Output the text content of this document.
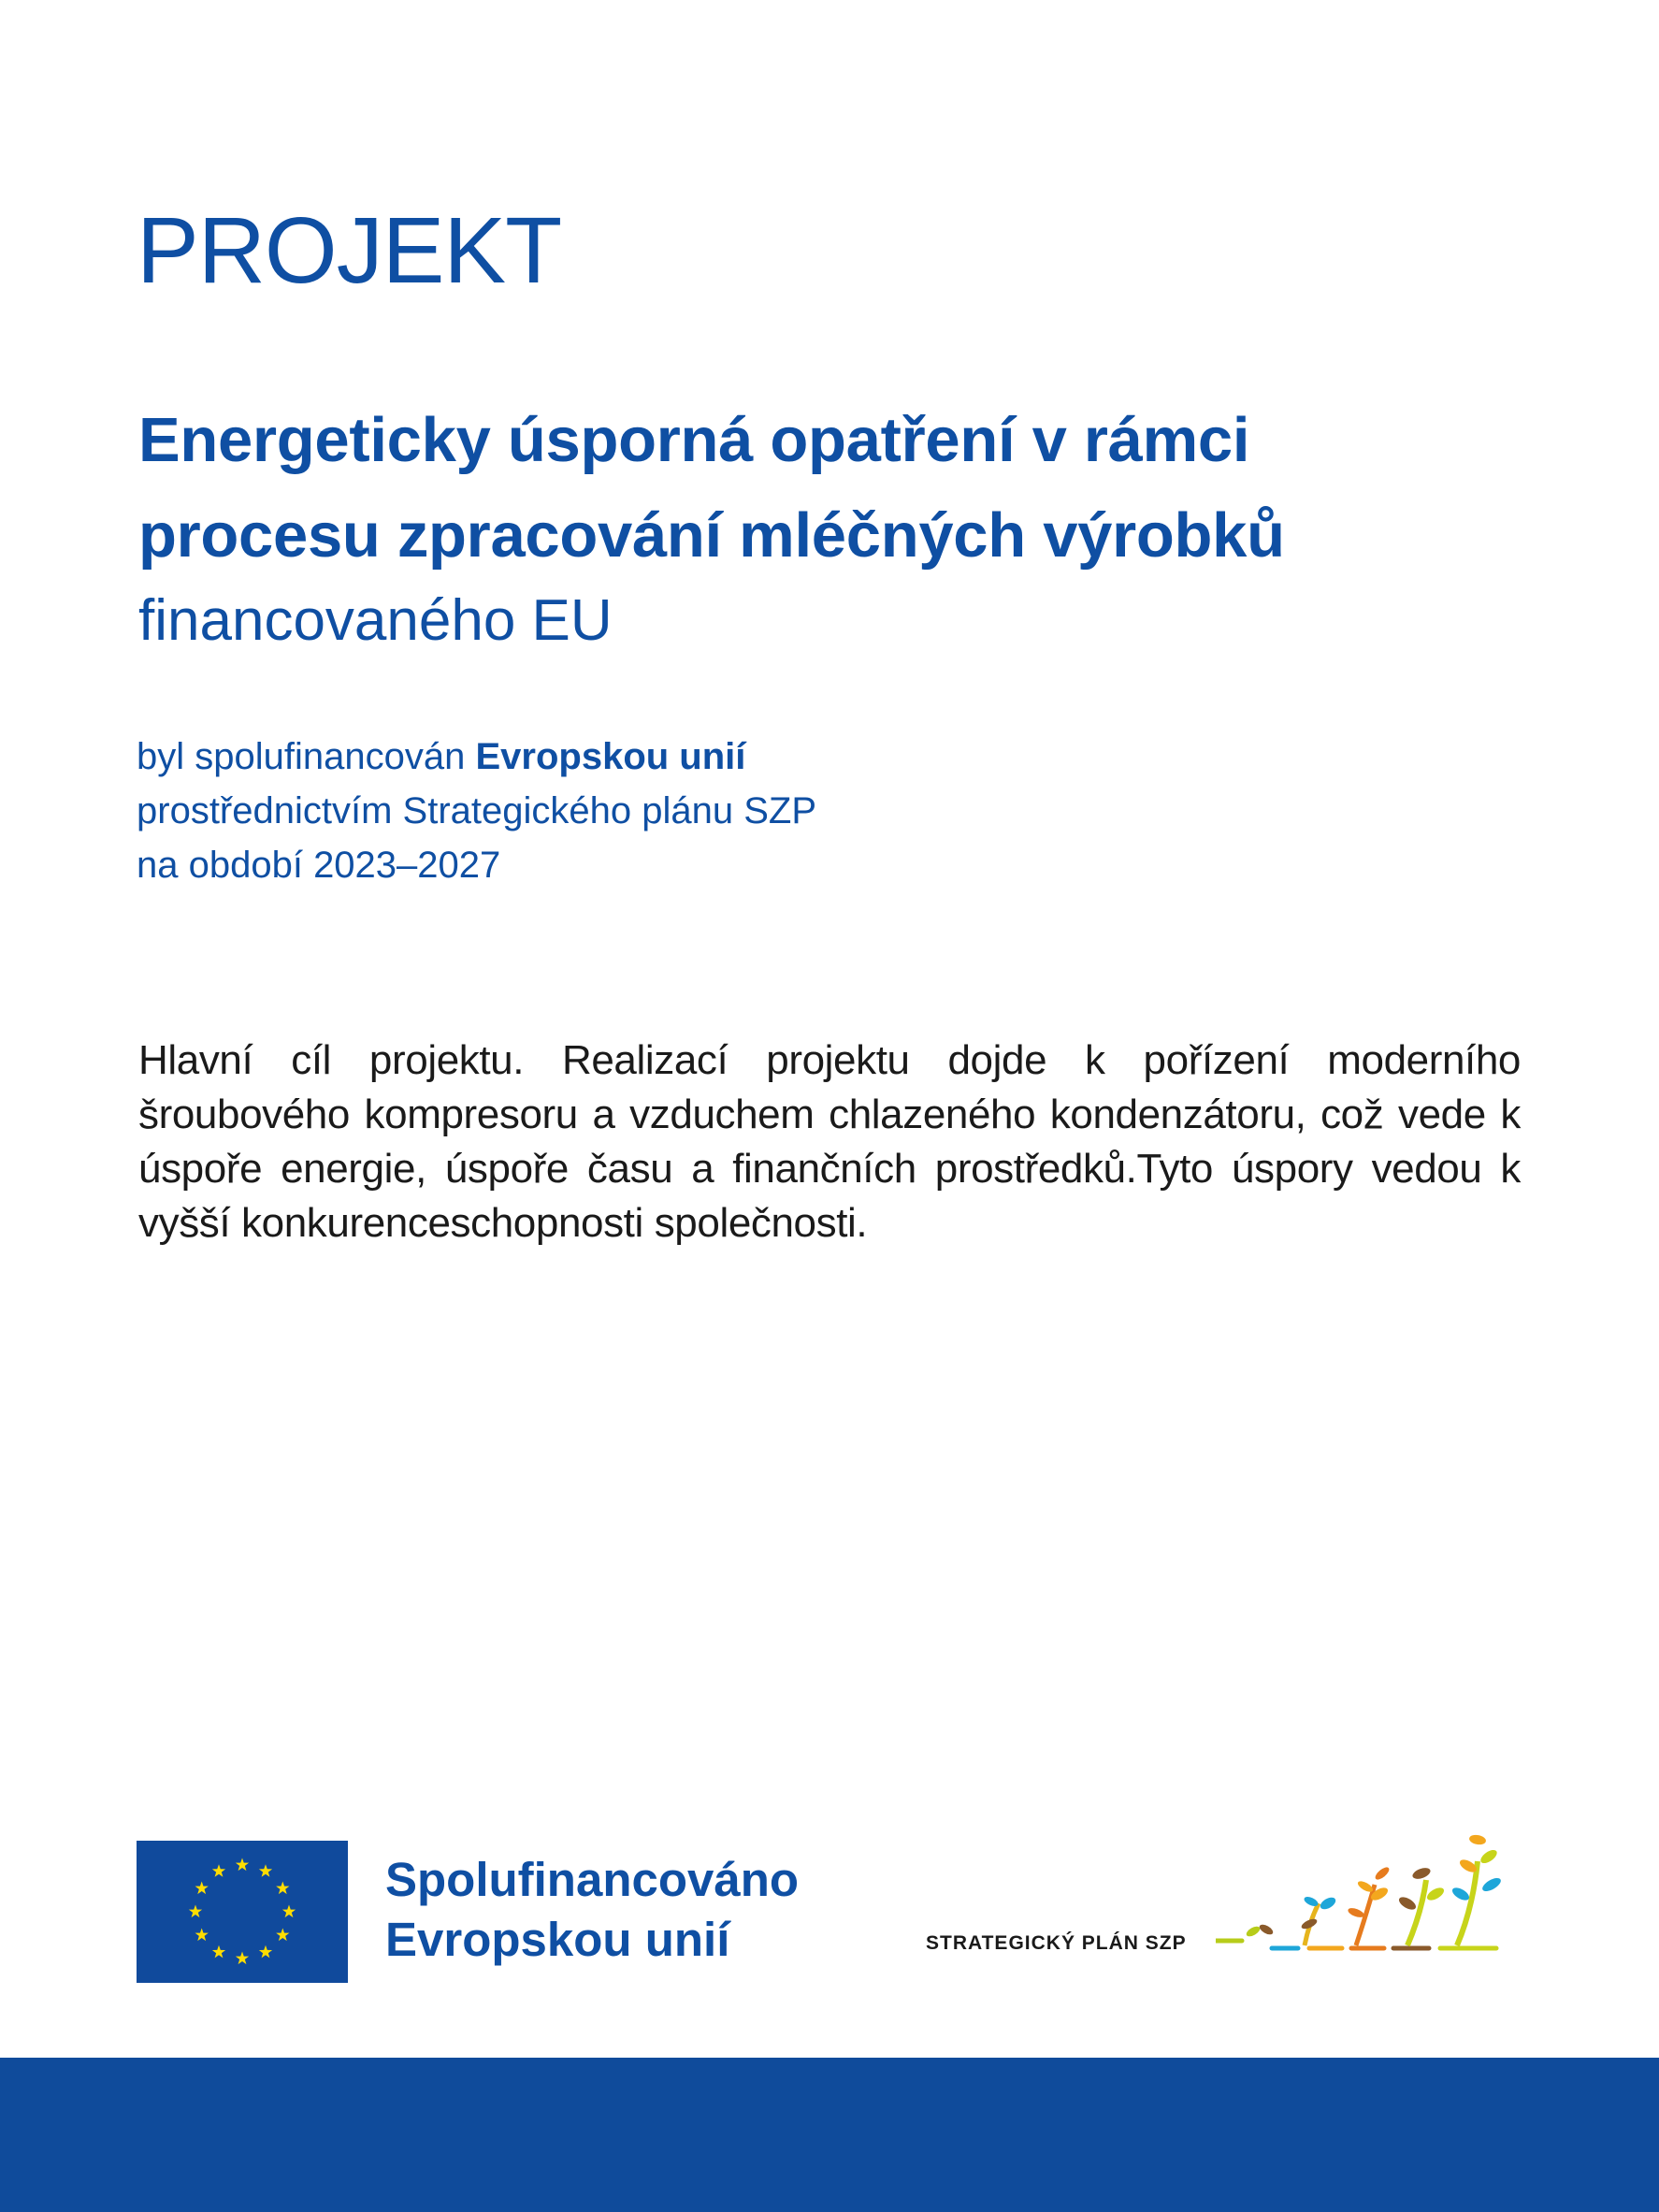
PROJEKT
Energeticky úsporná opatření v rámci
procesu zpracování mléčných výrobků
financovaného EU
byl spolufinancován Evropskou unií
prostřednictvím Strategického plánu SZP
na období 2023–2027

Hlavní cíl projektu. Realizací projektu dojde k pořízení moderního šroubového kompresoru a vzduchem chlazeného kondenzátoru, což vede k úspoře energie, úspoře času a finančních prostředků.Tyto úspory vedou k vyšší konkurenceschopnosti společnosti.

Spolufinancováno
Evropskou unií	STRATEGICKÝ PLÁN SZP
